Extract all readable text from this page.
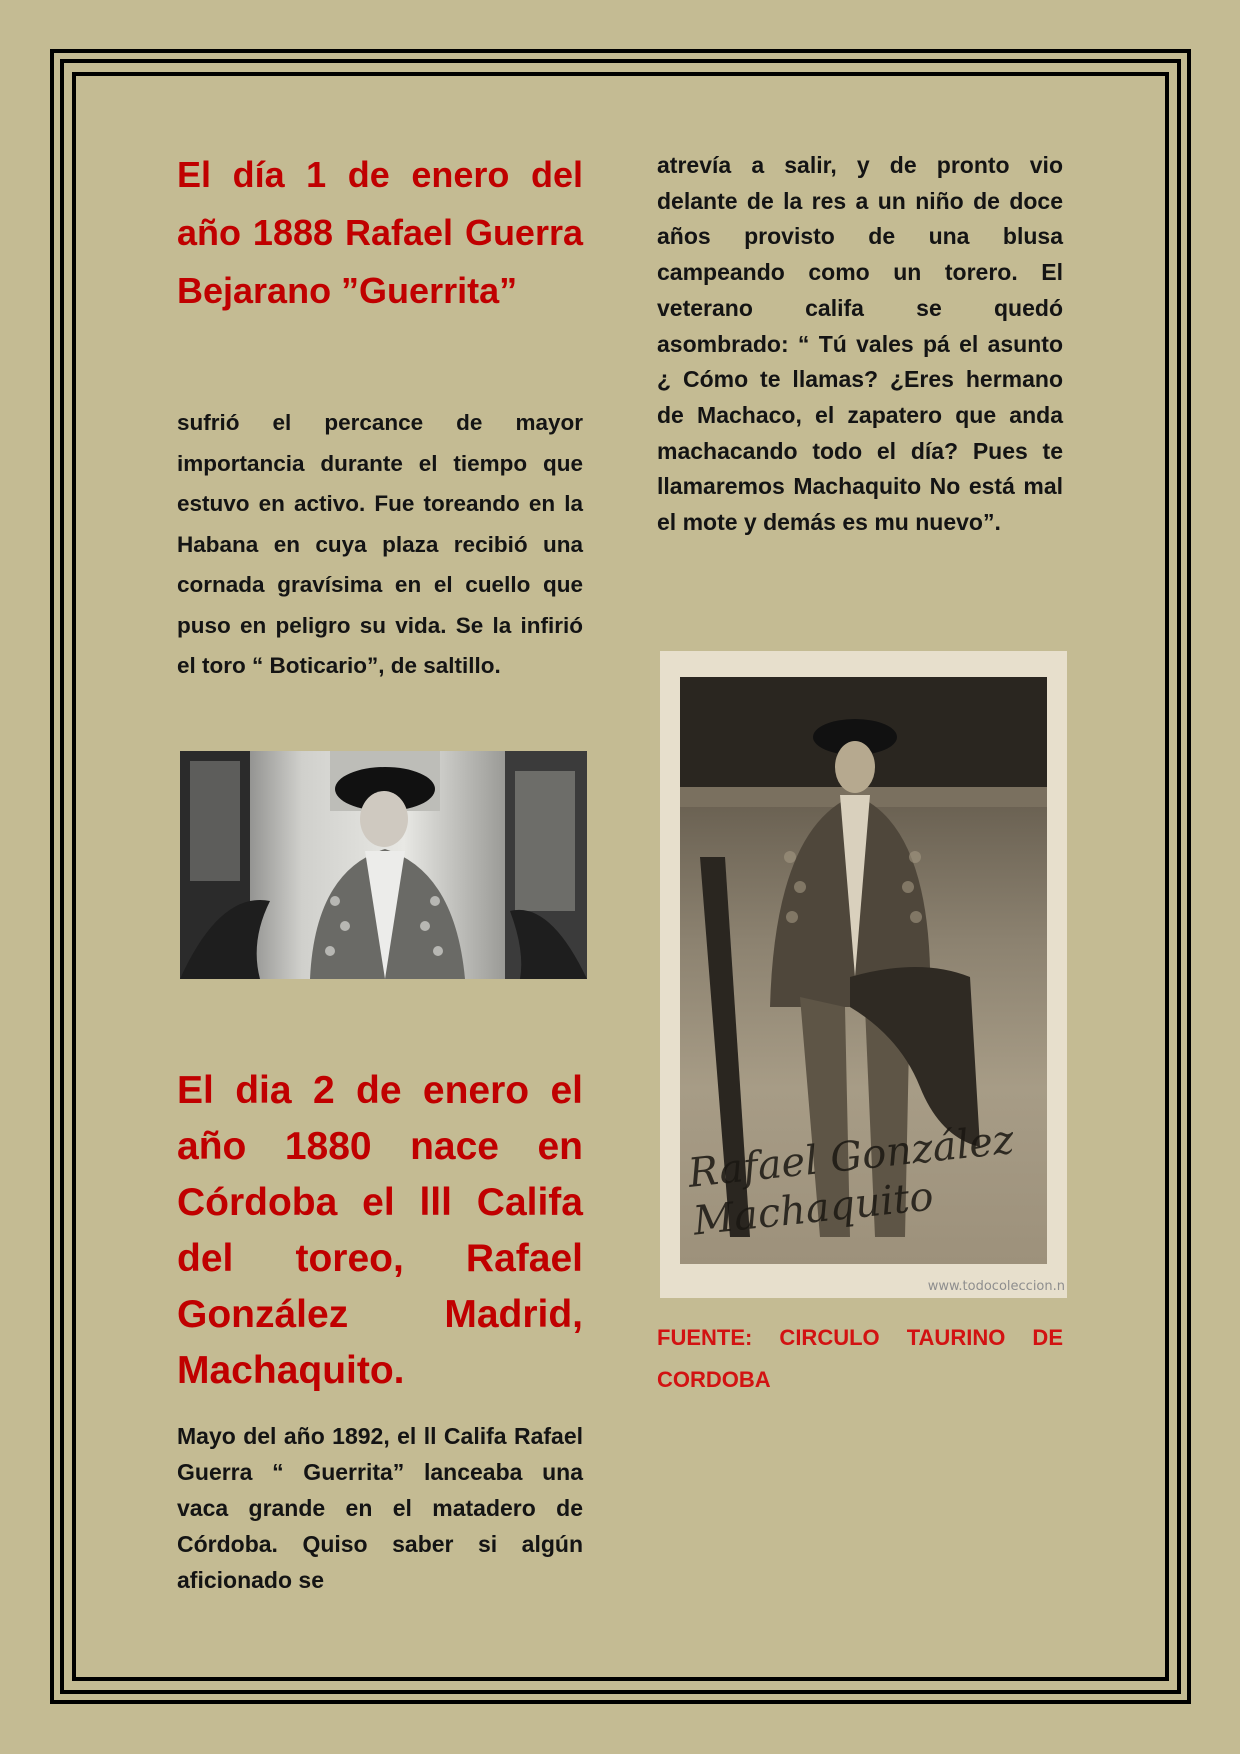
El día 1 de enero del año 1888 Rafael Guerra Bejarano ”Guerrita”

sufrió el percance de mayor importancia durante el tiempo que estuvo en activo. Fue toreando en la Habana en cuya plaza recibió una cornada gravísima en el cuello que puso en peligro su vida. Se la infirió el toro “ Boticario”, de saltillo.

El dia 2 de enero el año 1880 nace en Córdoba el lll Califa del toreo, Rafael González Madrid, Machaquito.

Mayo del año 1892, el ll Califa Rafael Guerra “ Guerrita” lanceaba una vaca grande en el matadero de Córdoba. Quiso saber si algún aficionado se

atrevía a salir, y de pronto vio delante de la res a un niño de doce años provisto de una blusa campeando como un torero. El veterano califa se quedó asombrado: “ Tú vales pá el asunto ¿ Cómo te llamas? ¿Eres hermano de Machaco, el zapatero que anda machacando todo el día? Pues te llamaremos Machaquito No está mal el mote y demás es mu nuevo”.

Rafael González Machaquito
www.todocoleccion.n

FUENTE: CIRCULO TAURINO DE CORDOBA
